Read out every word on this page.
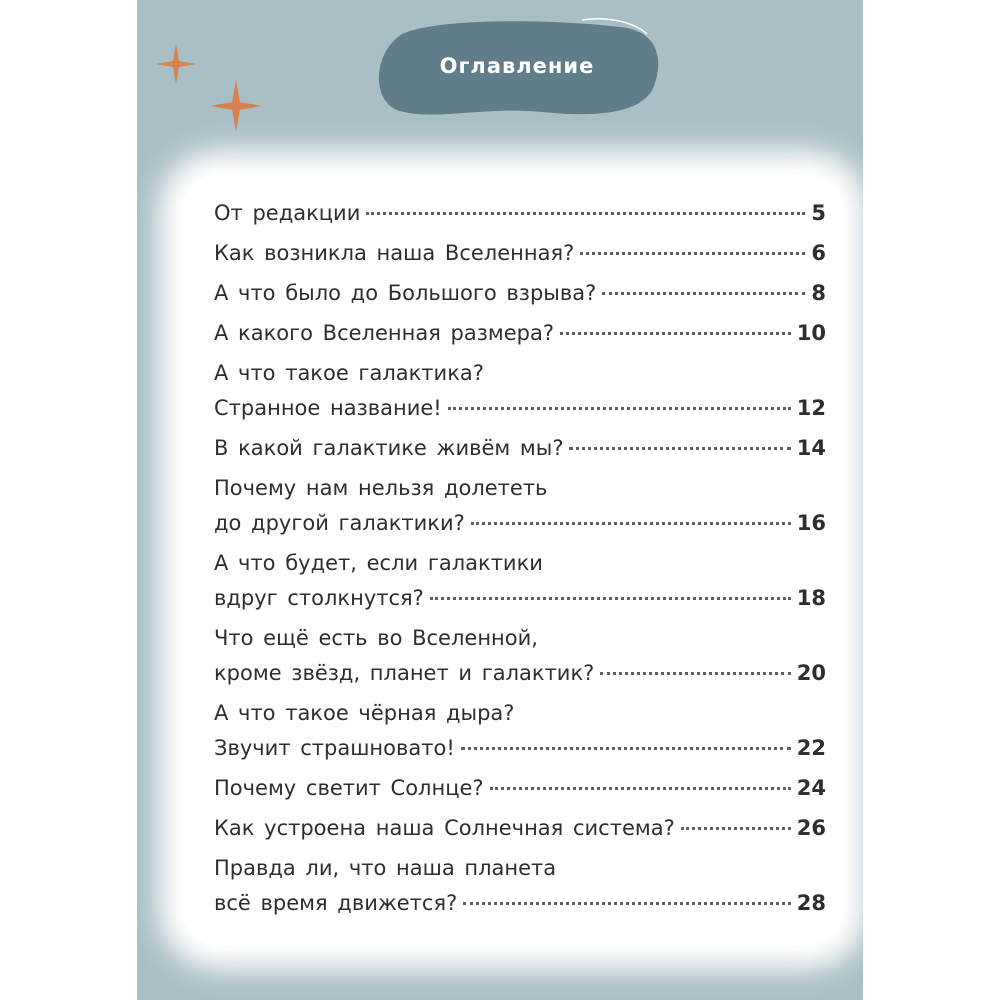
Оглавление
От редакции	5
Как возникла наша Вселенная?	6
А что было до Большого взрыва?	8
А какого Вселенная размера?	10
А что такое галактика?
Странное название!	12
В какой галактике живём мы?	14
Почему нам нельзя долететь
до другой галактики?	16
А что будет, если галактики
вдруг столкнутся?	18
Что ещё есть во Вселенной,
кроме звёзд, планет и галактик?	20
А что такое чёрная дыра?
Звучит страшновато!	22
Почему светит Солнце?	24
Как устроена наша Солнечная система?	26
Правда ли, что наша планета
всё время движется?	28
